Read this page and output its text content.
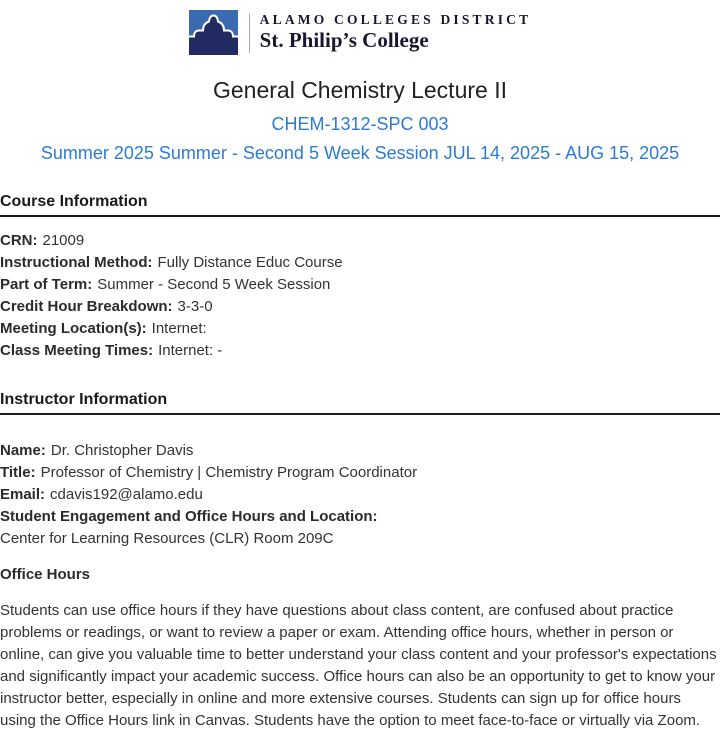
ALAMO COLLEGES DISTRICT
St. Philip’s College
General Chemistry Lecture II
CHEM-1312-SPC 003
Summer 2025 Summer - Second 5 Week Session JUL 14, 2025 - AUG 15, 2025
Course Information
CRN: 21009
Instructional Method: Fully Distance Educ Course
Part of Term: Summer - Second 5 Week Session
Credit Hour Breakdown: 3-3-0
Meeting Location(s): Internet:
Class Meeting Times: Internet: -
Instructor Information
Name: Dr. Christopher Davis
Title: Professor of Chemistry | Chemistry Program Coordinator
Email: cdavis192@alamo.edu
Student Engagement and Office Hours and Location:
Center for Learning Resources (CLR) Room 209C
Office Hours
Students can use office hours if they have questions about class content, are confused about practice problems or readings, or want to review a paper or exam. Attending office hours, whether in person or online, can give you valuable time to better understand your class content and your professor's expectations and significantly impact your academic success. Office hours can also be an opportunity to get to know your instructor better, especially in online and more extensive courses. Students can sign up for office hours using the Office Hours link in Canvas. Students have the option to meet face-to-face or virtually via Zoom.
